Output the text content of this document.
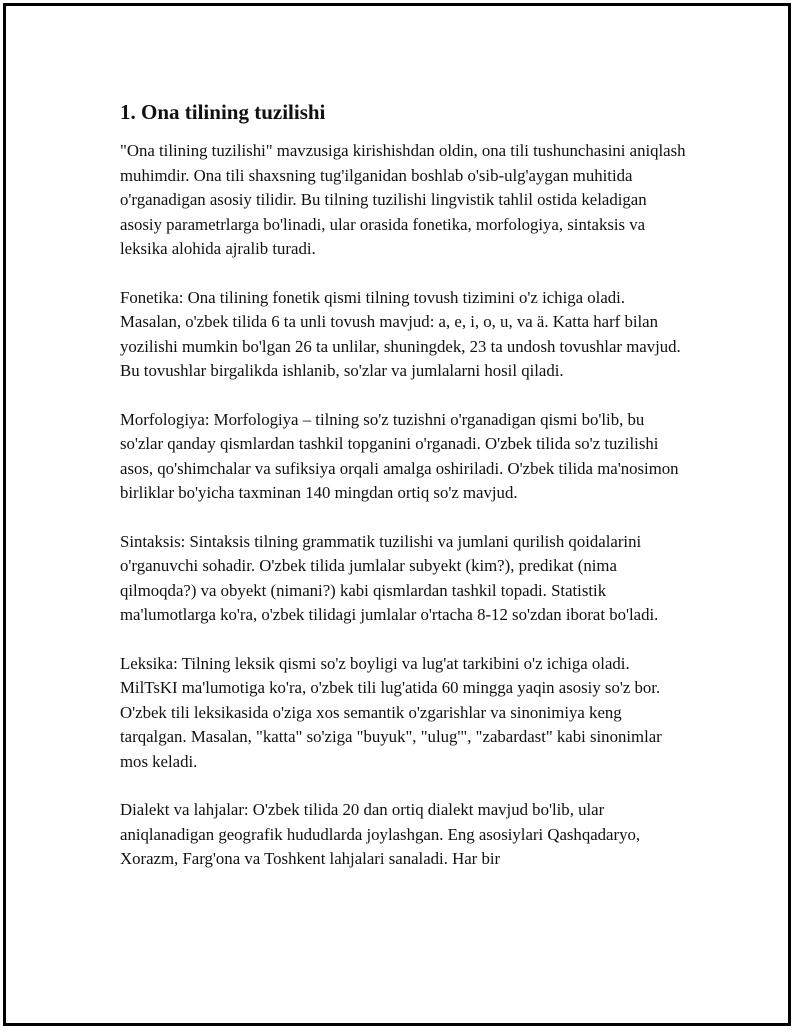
1. Ona tilining tuzilishi

"Ona tilining tuzilishi" mavzusiga kirishishdan oldin, ona tili tushunchasini aniqlash muhimdir. Ona tili shaxsning tug'ilganidan boshlab o'sib-ulg'aygan muhitida o'rganadigan asosiy tilidir. Bu tilning tuzilishi lingvistik tahlil ostida keladigan asosiy parametrlarga bo'linadi, ular orasida fonetika, morfologiya, sintaksis va leksika alohida ajralib turadi.

Fonetika: Ona tilining fonetik qismi tilning tovush tizimini o'z ichiga oladi. Masalan, o'zbek tilida 6 ta unli tovush mavjud: a, e, i, o, u, va ä. Katta harf bilan yozilishi mumkin bo'lgan 26 ta unlilar, shuningdek, 23 ta undosh tovushlar mavjud. Bu tovushlar birgalikda ishlanib, so'zlar va jumlalarni hosil qiladi.

Morfologiya: Morfologiya – tilning so'z tuzishni o'rganadigan qismi bo'lib, bu so'zlar qanday qismlardan tashkil topganini o'rganadi. O'zbek tilida so'z tuzilishi asos, qo'shimchalar va sufiksiya orqali amalga oshiriladi. O'zbek tilida ma'nosimon birliklar bo'yicha taxminan 140 mingdan ortiq so'z mavjud.

Sintaksis: Sintaksis tilning grammatik tuzilishi va jumlani qurilish qoidalarini o'rganuvchi sohadir. O'zbek tilida jumlalar subyekt (kim?), predikat (nima qilmoqda?) va obyekt (nimani?) kabi qismlardan tashkil topadi. Statistik ma'lumotlarga ko'ra, o'zbek tilidagi jumlalar o'rtacha 8-12 so'zdan iborat bo'ladi.

Leksika: Tilning leksik qismi so'z boyligi va lug'at tarkibini o'z ichiga oladi. MilTsKI ma'lumotiga ko'ra, o'zbek tili lug'atida 60 mingga yaqin asosiy so'z bor. O'zbek tili leksikasida o'ziga xos semantik o'zgarishlar va sinonimiya keng tarqalgan. Masalan, "katta" so'ziga "buyuk", "ulug'", "zabardast" kabi sinonimlar mos keladi.

Dialekt va lahjalar: O'zbek tilida 20 dan ortiq dialekt mavjud bo'lib, ular aniqlanadigan geografik hududlarda joylashgan. Eng asosiylari Qashqadaryo, Xorazm, Farg'ona va Toshkent lahjalari sanaladi. Har bir
